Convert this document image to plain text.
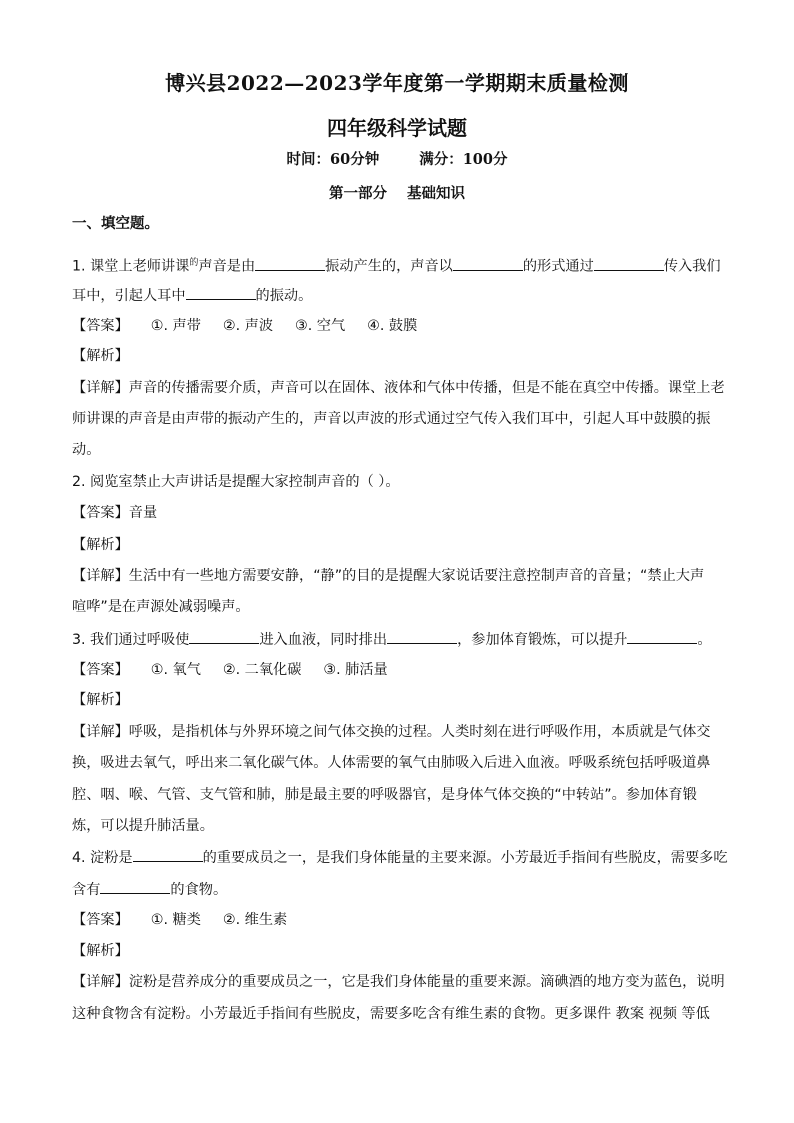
博兴县2022—2023学年度第一学期期末质量检测
四年级科学试题
时间：60分钟	满分：100分
第一部分 基础知识
一、填空题。
1. 课堂上老师讲课$^的$声音是由	振动产生的，声音以	的形式通过	传入我们
耳中，引起人耳中	的振动。
【答案】 ①. 声带 ②. 声波 ③. 空气 ④. 鼓膜
【解析】
【详解】声音的传播需要介质，声音可以在固体、液体和气体中传播，但是不能在真空中传播。课堂上老
师讲课的声音是由声带的振动产生的，声音以声波的形式通过空气传入我们耳中，引起人耳中鼓膜的振
动。
2. 阅览室禁止大声讲话是提醒大家控制声音的（ ）。
【答案】音量
【解析】
【详解】生活中有一些地方需要安静，“静”的目的是提醒大家说话要注意控制声音的音量；“禁止大声
喧哗”是在声源处减弱噪声。
3. 我们通过呼吸使	进入血液，同时排出	，参加体育锻炼，可以提升	。
【答案】 ①. 氧气 ②. 二氧化碳 ③. 肺活量
【解析】
【详解】呼吸，是指机体与外界环境之间气体交换的过程。人类时刻在进行呼吸作用，本质就是气体交
换，吸进去氧气，呼出来二氧化碳气体。人体需要的氧气由肺吸入后进入血液。呼吸系统包括呼吸道鼻
腔、咽、喉、气管、支气管和肺，肺是最主要的呼吸器官，是身体气体交换的“中转站”。参加体育锻
炼，可以提升肺活量。
4. 淀粉是	的重要成员之一，是我们身体能量的主要来源。小芳最近手指间有些脱皮，需要多吃
含有	的食物。
【答案】 ①. 糖类 ②. 维生素
【解析】
【详解】淀粉是营养成分的重要成员之一，它是我们身体能量的重要来源。滴碘酒的地方变为蓝色，说明
这种食物含有淀粉。小芳最近手指间有些脱皮，需要多吃含有维生素的食物。更多课件 教案 视频 等低
